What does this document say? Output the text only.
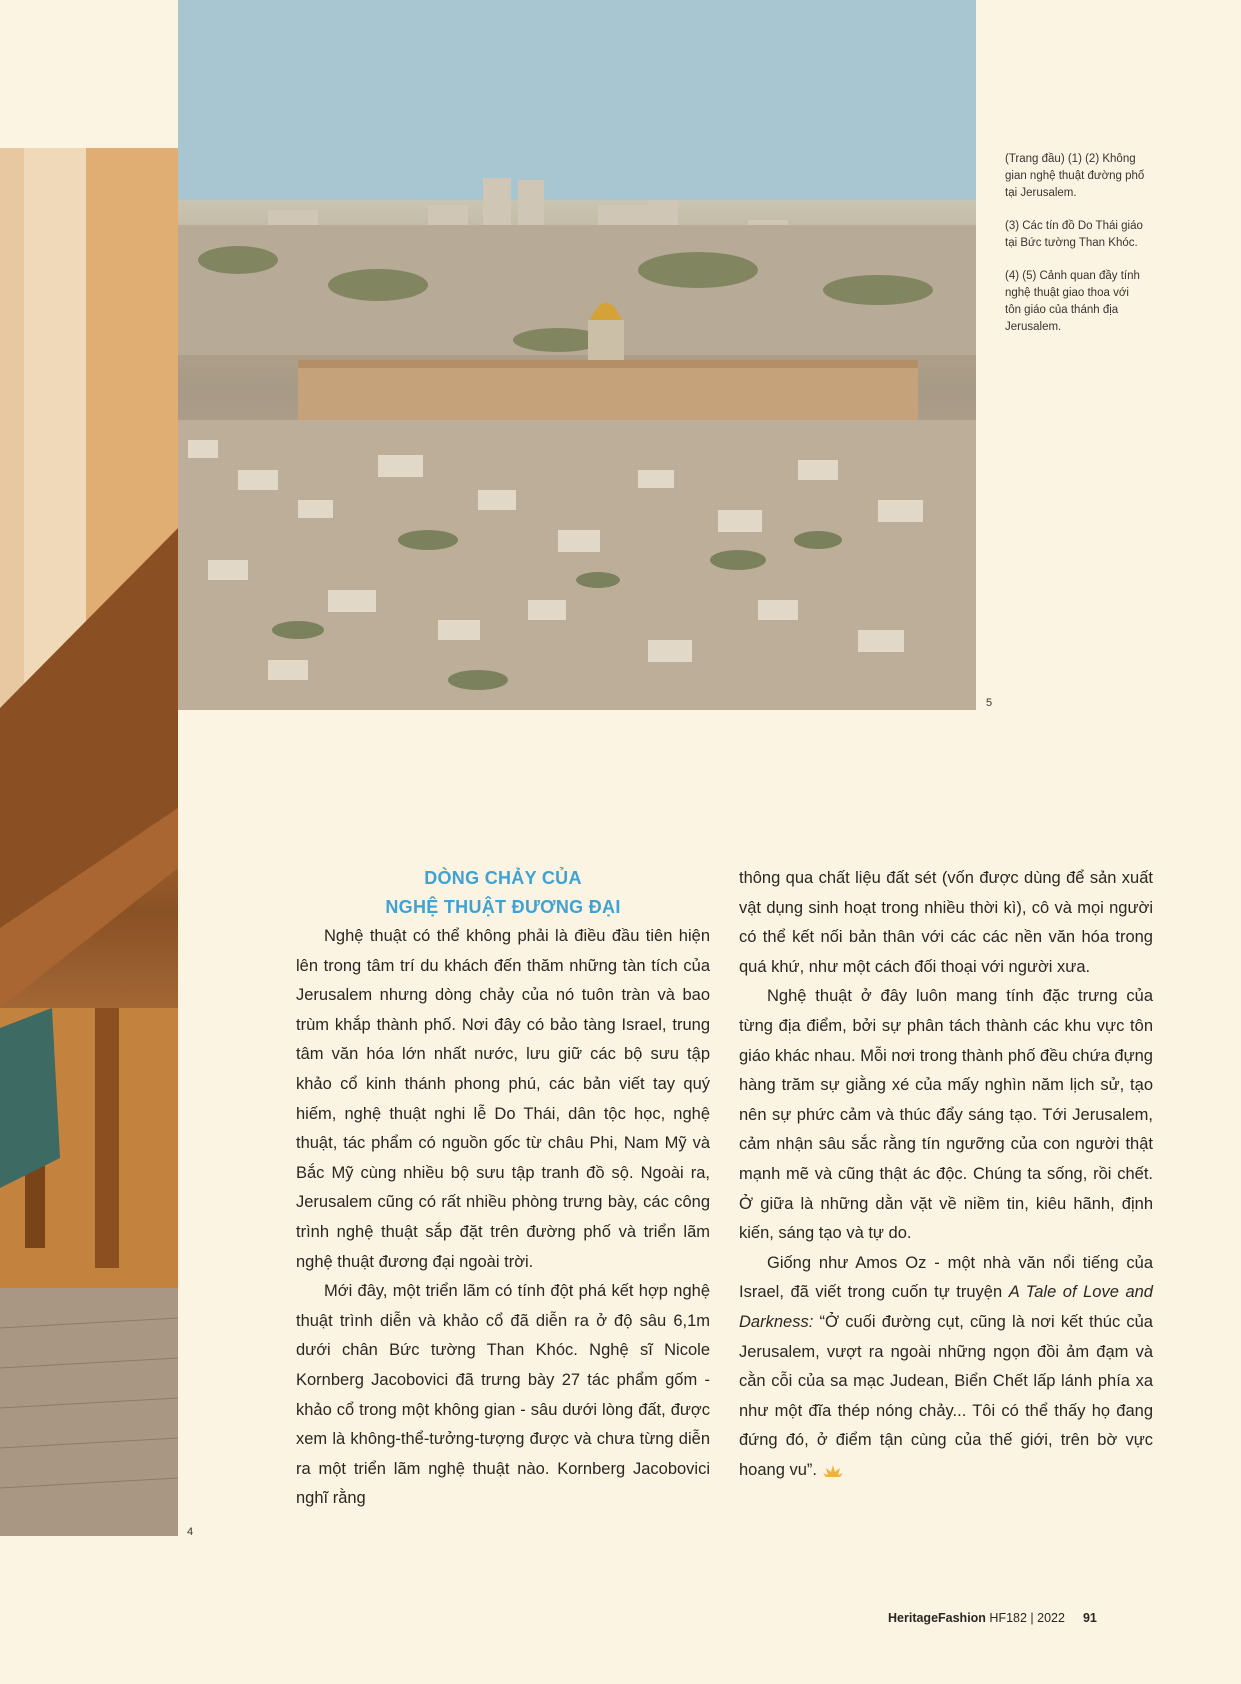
5
4

(Trang đầu) (1) (2) Không gian nghệ thuật đường phố tại Jerusalem.

(3) Các tín đồ Do Thái giáo tại Bức tường Than Khóc.

(4) (5) Cảnh quan đầy tính nghệ thuật giao thoa với tôn giáo của thánh địa Jerusalem.

DÒNG CHẢY CỦA
NGHỆ THUẬT ĐƯƠNG ĐẠI

Nghệ thuật có thể không phải là điều đầu tiên hiện lên trong tâm trí du khách đến thăm những tàn tích của Jerusalem nhưng dòng chảy của nó tuôn tràn và bao trùm khắp thành phố. Nơi đây có bảo tàng Israel, trung tâm văn hóa lớn nhất nước, lưu giữ các bộ sưu tập khảo cổ kinh thánh phong phú, các bản viết tay quý hiếm, nghệ thuật nghi lễ Do Thái, dân tộc học, nghệ thuật, tác phẩm có nguồn gốc từ châu Phi, Nam Mỹ và Bắc Mỹ cùng nhiều bộ sưu tập tranh đồ sộ. Ngoài ra, Jerusalem cũng có rất nhiều phòng trưng bày, các công trình nghệ thuật sắp đặt trên đường phố và triển lãm nghệ thuật đương đại ngoài trời.

Mới đây, một triển lãm có tính đột phá kết hợp nghệ thuật trình diễn và khảo cổ đã diễn ra ở độ sâu 6,1m dưới chân Bức tường Than Khóc. Nghệ sĩ Nicole Kornberg Jacobovici đã trưng bày 27 tác phẩm gốm - khảo cổ trong một không gian - sâu dưới lòng đất, được xem là không-thể-tưởng-tượng được và chưa từng diễn ra một triển lãm nghệ thuật nào. Kornberg Jacobovici nghĩ rằng

thông qua chất liệu đất sét (vốn được dùng để sản xuất vật dụng sinh hoạt trong nhiều thời kì), cô và mọi người có thể kết nối bản thân với các các nền văn hóa trong quá khứ, như một cách đối thoại với người xưa.

Nghệ thuật ở đây luôn mang tính đặc trưng của từng địa điểm, bởi sự phân tách thành các khu vực tôn giáo khác nhau. Mỗi nơi trong thành phố đều chứa đựng hàng trăm sự giằng xé của mấy nghìn năm lịch sử, tạo nên sự phức cảm và thúc đẩy sáng tạo. Tới Jerusalem, cảm nhận sâu sắc rằng tín ngưỡng của con người thật mạnh mẽ và cũng thật ác độc. Chúng ta sống, rồi chết. Ở giữa là những dằn vặt về niềm tin, kiêu hãnh, định kiến, sáng tạo và tự do.

Giống như Amos Oz - một nhà văn nổi tiếng của Israel, đã viết trong cuốn tự truyện A Tale of Love and Darkness: “Ở cuối đường cụt, cũng là nơi kết thúc của Jerusalem, vượt ra ngoài những ngọn đồi ảm đạm và cằn cỗi của sa mạc Judean, Biển Chết lấp lánh phía xa như một đĩa thép nóng chảy... Tôi có thể thấy họ đang đứng đó, ở điểm tận cùng của thế giới, trên bờ vực hoang vu”.

HeritageFashion HF182 | 2022 91
